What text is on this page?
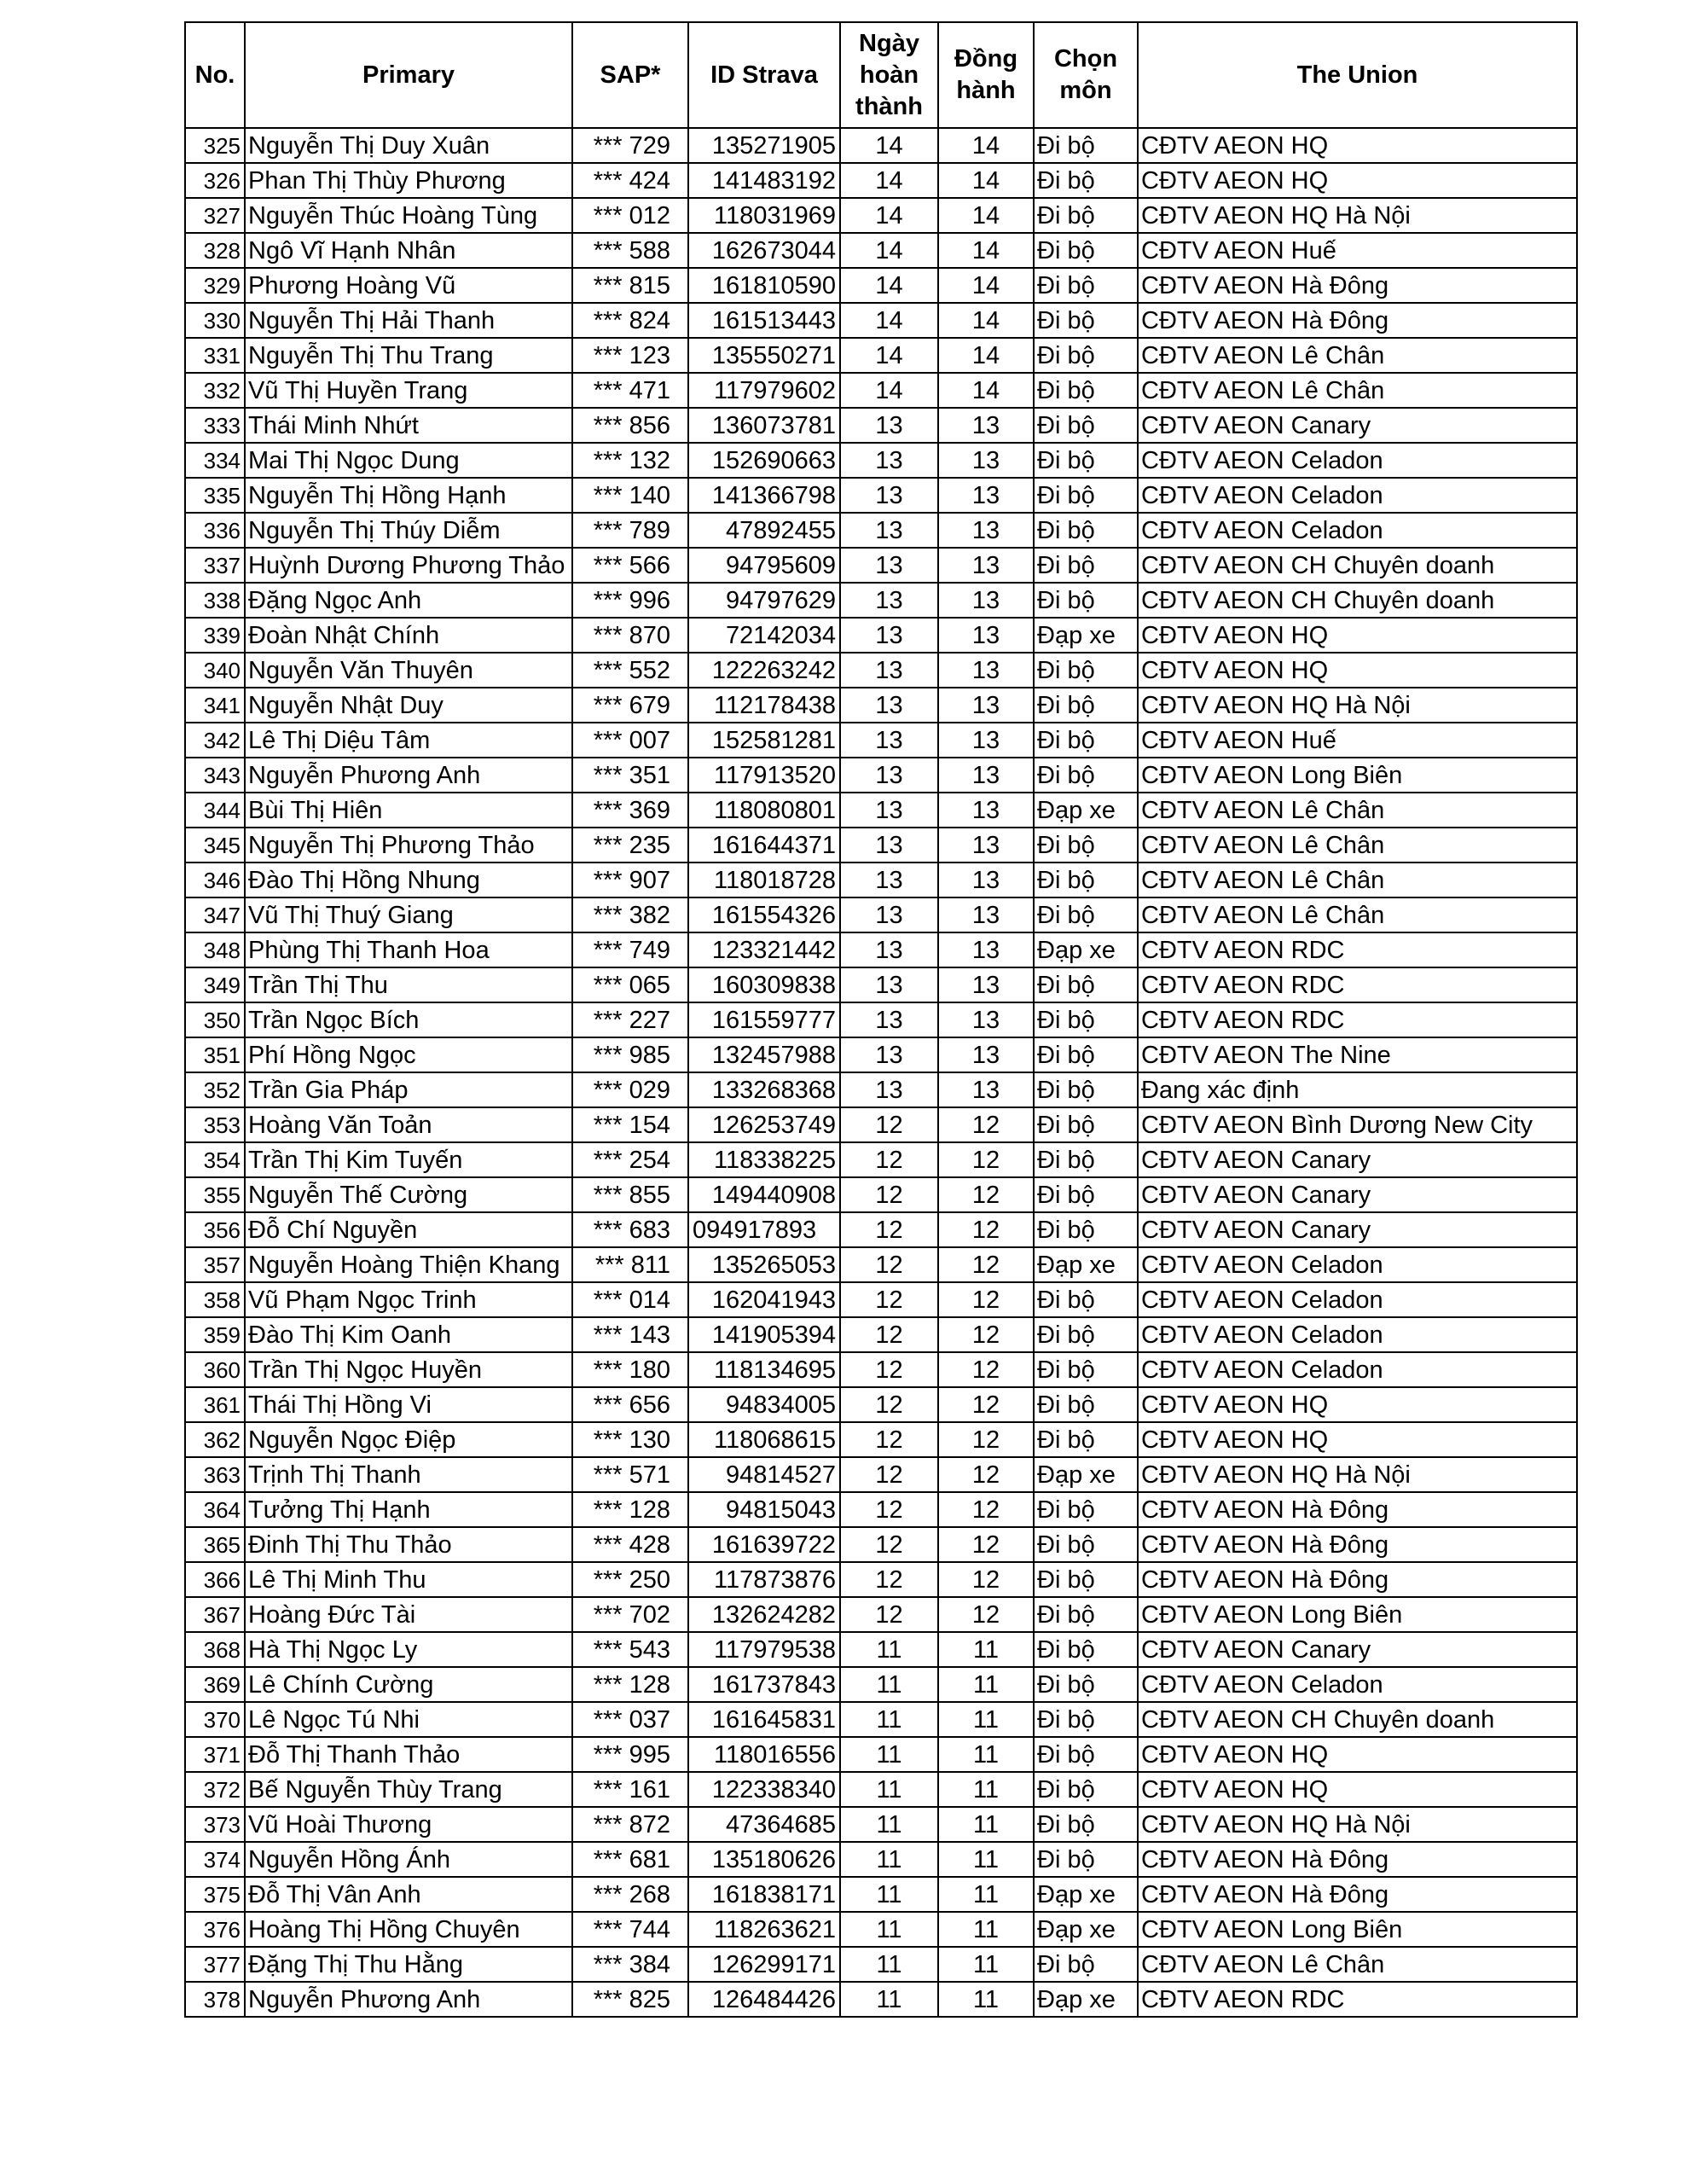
No.	Primary	SAP*	ID Strava	Ngày hoàn thành	Đồng hành	Chọn môn	The Union
325	Nguyễn Thị Duy Xuân	*** 729	135271905	14	14	Đi bộ	CĐTV AEON HQ
326	Phan Thị Thùy Phương	*** 424	141483192	14	14	Đi bộ	CĐTV AEON HQ
327	Nguyễn Thúc Hoàng Tùng	*** 012	118031969	14	14	Đi bộ	CĐTV AEON HQ Hà Nội
328	Ngô Vĩ Hạnh Nhân	*** 588	162673044	14	14	Đi bộ	CĐTV AEON Huế
329	Phương Hoàng Vũ	*** 815	161810590	14	14	Đi bộ	CĐTV AEON Hà Đông
330	Nguyễn Thị Hải Thanh	*** 824	161513443	14	14	Đi bộ	CĐTV AEON Hà Đông
331	Nguyễn Thị Thu Trang	*** 123	135550271	14	14	Đi bộ	CĐTV AEON Lê Chân
332	Vũ Thị Huyền Trang	*** 471	117979602	14	14	Đi bộ	CĐTV AEON Lê Chân
333	Thái Minh Nhứt	*** 856	136073781	13	13	Đi bộ	CĐTV AEON Canary
334	Mai Thị Ngọc Dung	*** 132	152690663	13	13	Đi bộ	CĐTV AEON Celadon
335	Nguyễn Thị Hồng Hạnh	*** 140	141366798	13	13	Đi bộ	CĐTV AEON Celadon
336	Nguyễn Thị Thúy Diễm	*** 789	47892455	13	13	Đi bộ	CĐTV AEON Celadon
337	Huỳnh Dương Phương Thảo	*** 566	94795609	13	13	Đi bộ	CĐTV AEON CH Chuyên doanh
338	Đặng Ngọc Anh	*** 996	94797629	13	13	Đi bộ	CĐTV AEON CH Chuyên doanh
339	Đoàn Nhật Chính	*** 870	72142034	13	13	Đạp xe	CĐTV AEON HQ
340	Nguyễn Văn Thuyên	*** 552	122263242	13	13	Đi bộ	CĐTV AEON HQ
341	Nguyễn Nhật Duy	*** 679	112178438	13	13	Đi bộ	CĐTV AEON HQ Hà Nội
342	Lê Thị Diệu Tâm	*** 007	152581281	13	13	Đi bộ	CĐTV AEON Huế
343	Nguyễn Phương Anh	*** 351	117913520	13	13	Đi bộ	CĐTV AEON Long Biên
344	Bùi Thị Hiên	*** 369	118080801	13	13	Đạp xe	CĐTV AEON Lê Chân
345	Nguyễn Thị Phương Thảo	*** 235	161644371	13	13	Đi bộ	CĐTV AEON Lê Chân
346	Đào Thị Hồng Nhung	*** 907	118018728	13	13	Đi bộ	CĐTV AEON Lê Chân
347	Vũ Thị Thuý Giang	*** 382	161554326	13	13	Đi bộ	CĐTV AEON Lê Chân
348	Phùng Thị Thanh Hoa	*** 749	123321442	13	13	Đạp xe	CĐTV AEON RDC
349	Trần Thị Thu	*** 065	160309838	13	13	Đi bộ	CĐTV AEON RDC
350	Trần Ngọc Bích	*** 227	161559777	13	13	Đi bộ	CĐTV AEON RDC
351	Phí Hồng Ngọc	*** 985	132457988	13	13	Đi bộ	CĐTV AEON The Nine
352	Trần Gia Pháp	*** 029	133268368	13	13	Đi bộ	Đang xác định
353	Hoàng Văn Toản	*** 154	126253749	12	12	Đi bộ	CĐTV AEON Bình Dương New City
354	Trần Thị Kim Tuyến	*** 254	118338225	12	12	Đi bộ	CĐTV AEON Canary
355	Nguyễn Thế Cường	*** 855	149440908	12	12	Đi bộ	CĐTV AEON Canary
356	Đỗ Chí Nguyền	*** 683	094917893	12	12	Đi bộ	CĐTV AEON Canary
357	Nguyễn Hoàng Thiện Khang	*** 811	135265053	12	12	Đạp xe	CĐTV AEON Celadon
358	Vũ Phạm Ngọc Trinh	*** 014	162041943	12	12	Đi bộ	CĐTV AEON Celadon
359	Đào Thị Kim Oanh	*** 143	141905394	12	12	Đi bộ	CĐTV AEON Celadon
360	Trần Thị Ngọc Huyền	*** 180	118134695	12	12	Đi bộ	CĐTV AEON Celadon
361	Thái Thị Hồng Vi	*** 656	94834005	12	12	Đi bộ	CĐTV AEON HQ
362	Nguyễn Ngọc Điệp	*** 130	118068615	12	12	Đi bộ	CĐTV AEON HQ
363	Trịnh Thị Thanh	*** 571	94814527	12	12	Đạp xe	CĐTV AEON HQ Hà Nội
364	Tưởng Thị Hạnh	*** 128	94815043	12	12	Đi bộ	CĐTV AEON Hà Đông
365	Đinh Thị Thu Thảo	*** 428	161639722	12	12	Đi bộ	CĐTV AEON Hà Đông
366	Lê Thị Minh Thu	*** 250	117873876	12	12	Đi bộ	CĐTV AEON Hà Đông
367	Hoàng Đức Tài	*** 702	132624282	12	12	Đi bộ	CĐTV AEON Long Biên
368	Hà Thị Ngọc Ly	*** 543	117979538	11	11	Đi bộ	CĐTV AEON Canary
369	Lê Chính Cường	*** 128	161737843	11	11	Đi bộ	CĐTV AEON Celadon
370	Lê Ngọc Tú Nhi	*** 037	161645831	11	11	Đi bộ	CĐTV AEON CH Chuyên doanh
371	Đỗ Thị Thanh Thảo	*** 995	118016556	11	11	Đi bộ	CĐTV AEON HQ
372	Bế Nguyễn Thùy Trang	*** 161	122338340	11	11	Đi bộ	CĐTV AEON HQ
373	Vũ Hoài Thương	*** 872	47364685	11	11	Đi bộ	CĐTV AEON HQ Hà Nội
374	Nguyễn Hồng Ánh	*** 681	135180626	11	11	Đi bộ	CĐTV AEON Hà Đông
375	Đỗ Thị Vân Anh	*** 268	161838171	11	11	Đạp xe	CĐTV AEON Hà Đông
376	Hoàng Thị Hồng Chuyên	*** 744	118263621	11	11	Đạp xe	CĐTV AEON Long Biên
377	Đặng Thị Thu Hằng	*** 384	126299171	11	11	Đi bộ	CĐTV AEON Lê Chân
378	Nguyễn Phương Anh	*** 825	126484426	11	11	Đạp xe	CĐTV AEON RDC
